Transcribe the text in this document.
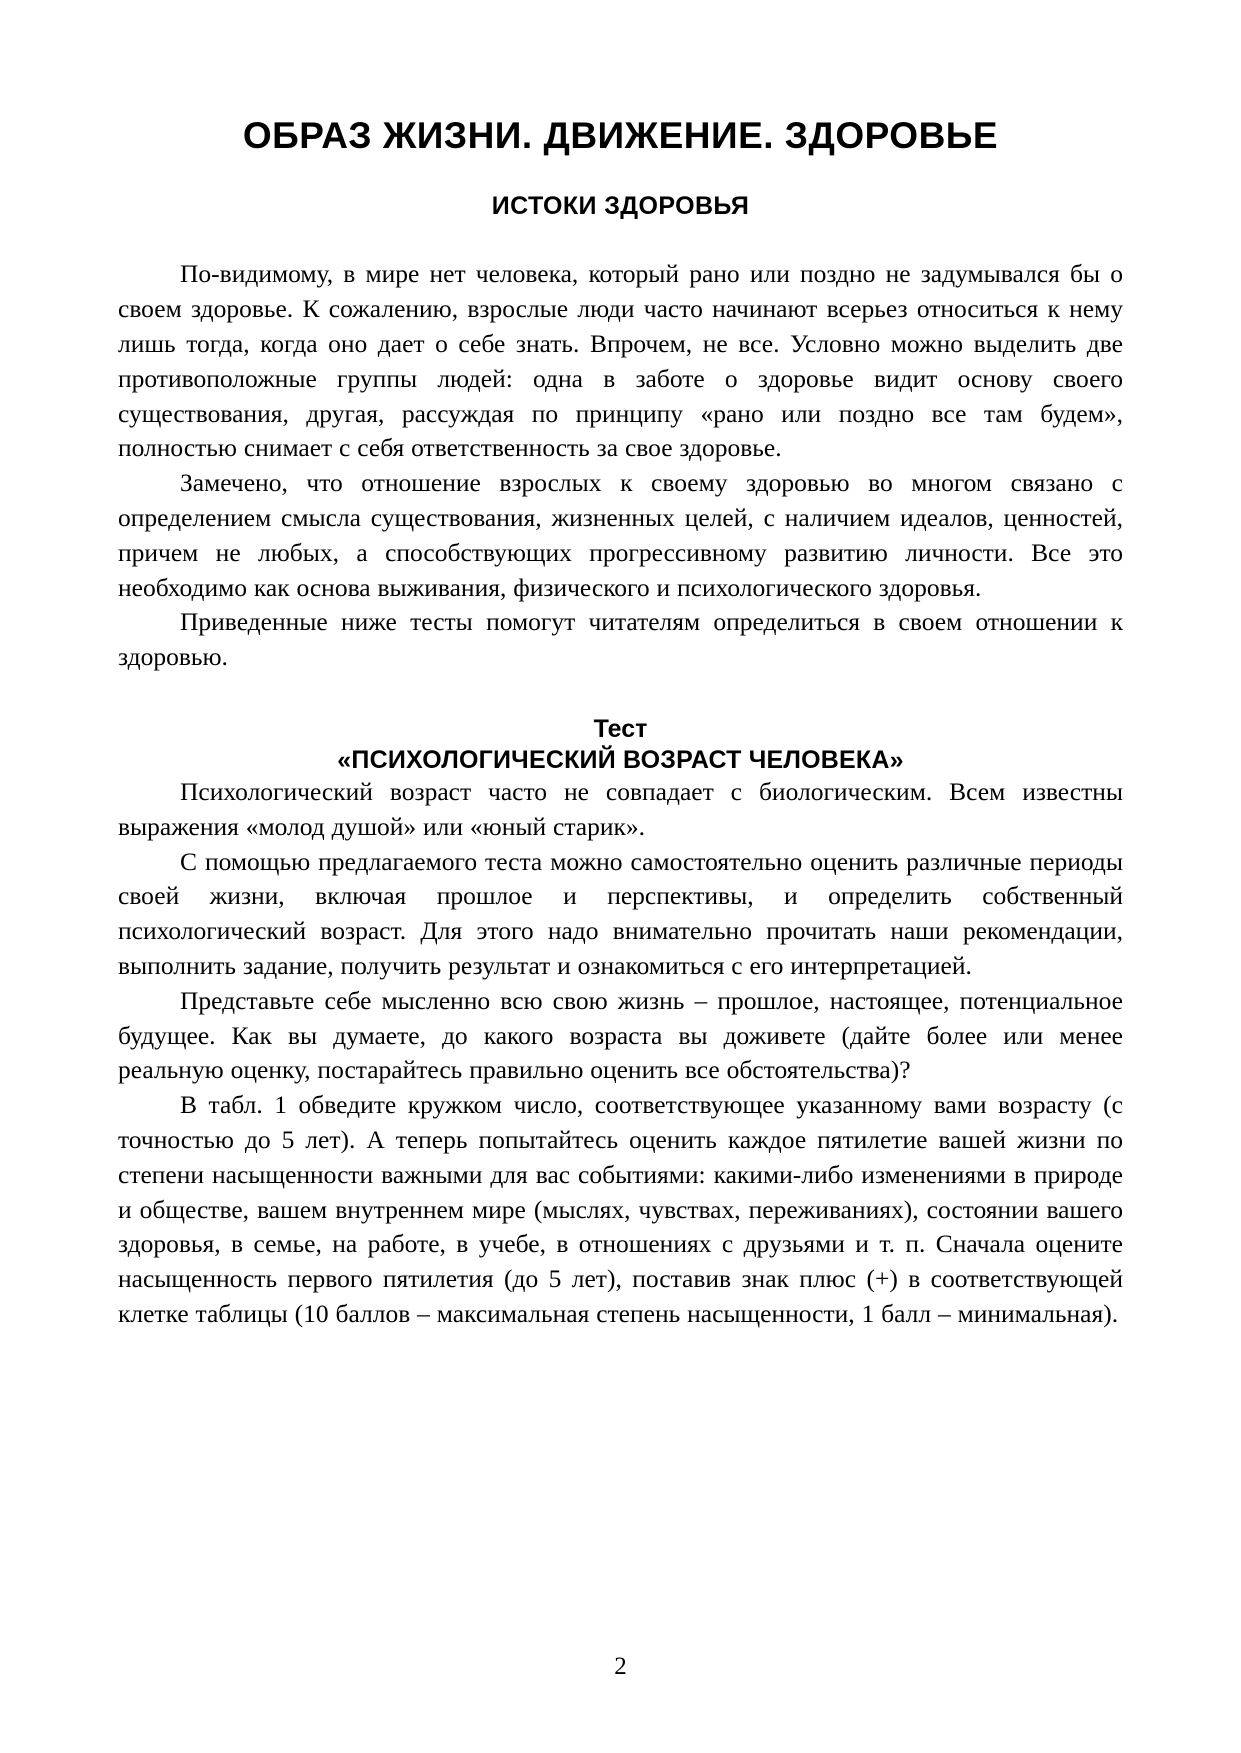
ОБРАЗ ЖИЗНИ. ДВИЖЕНИЕ. ЗДОРОВЬЕ
ИСТОКИ ЗДОРОВЬЯ

По-видимому, в мире нет человека, который рано или поздно не задумывался бы о своем здоровье. К сожалению, взрослые люди часто начинают всерьез относиться к нему лишь тогда, когда оно дает о себе знать. Впрочем, не все. Условно можно выделить две противоположные группы людей: одна в заботе о здоровье видит основу своего существования, другая, рассуждая по принципу «рано или поздно все там будем», полностью снимает с себя ответственность за свое здоровье.

Замечено, что отношение взрослых к своему здоровью во многом связано с определением смысла существования, жизненных целей, с наличием идеалов, ценностей, причем не любых, а способствующих прогрессивному развитию личности. Все это необходимо как основа выживания, физического и психологического здоровья.

Приведенные ниже тесты помогут читателям определиться в своем отношении к здоровью.

Тест
«ПСИХОЛОГИЧЕСКИЙ ВОЗРАСТ ЧЕЛОВЕКА»

Психологический возраст часто не совпадает с биологическим. Всем известны выражения «молод душой» или «юный старик».

С помощью предлагаемого теста можно самостоятельно оценить различные периоды своей жизни, включая прошлое и перспективы, и определить собственный психологический возраст. Для этого надо внимательно прочитать наши рекомендации, выполнить задание, получить результат и ознакомиться с его интерпретацией.

Представьте себе мысленно всю свою жизнь – прошлое, настоящее, потенциальное будущее. Как вы думаете, до какого возраста вы доживете (дайте более или менее реальную оценку, постарайтесь правильно оценить все обстоятельства)?

В табл. 1 обведите кружком число, соответствующее указанному вами возрасту (с точностью до 5 лет). А теперь попытайтесь оценить каждое пятилетие вашей жизни по степени насыщенности важными для вас событиями: какими-либо изменениями в природе и обществе, вашем внутреннем мире (мыслях, чувствах, переживаниях), состоянии вашего здоровья, в семье, на работе, в учебе, в отношениях с друзьями и т. п. Сначала оцените насыщенность первого пятилетия (до 5 лет), поставив знак плюс (+) в соответствующей клетке таблицы (10 баллов – максимальная степень насыщенности, 1 балл – минимальная).

2
